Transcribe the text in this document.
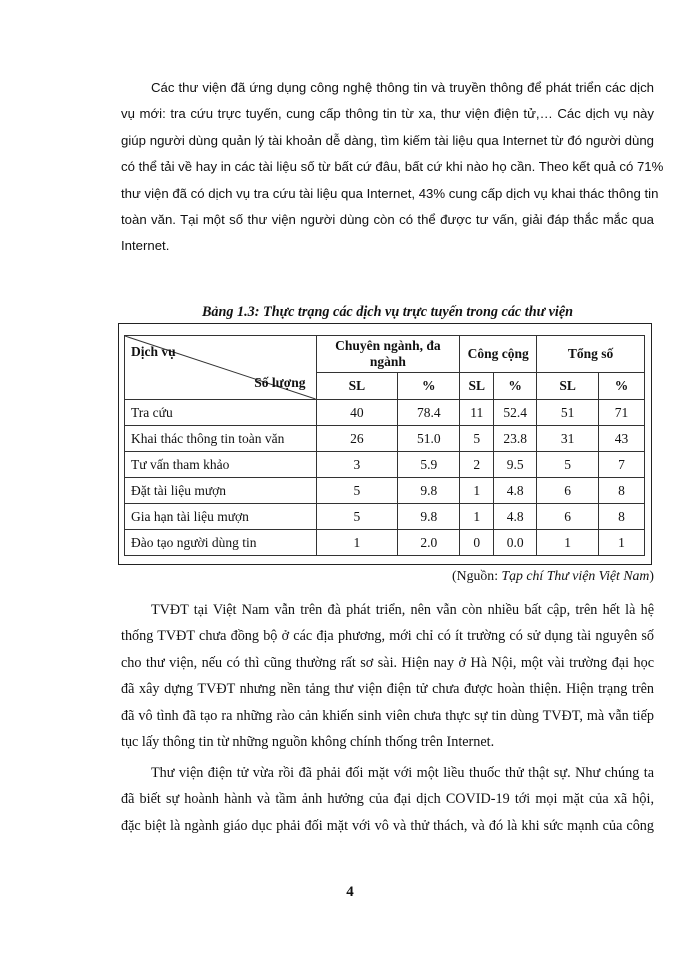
Các thư viện đã ứng dụng công nghệ thông tin và truyền thông để phát triển các dịch
vụ mới: tra cứu trực tuyến, cung cấp thông tin từ xa, thư viện điện tử,… Các dịch vụ này
giúp người dùng quản lý tài khoản dễ dàng, tìm kiếm tài liệu qua Internet từ đó người dùng
có thể tải về hay in các tài liệu số từ bất cứ đâu, bất cứ khi nào họ cần. Theo kết quả có 71%
thư viện đã có dịch vụ tra cứu tài liệu qua Internet, 43% cung cấp dịch vụ khai thác thông tin
toàn văn. Tại một số thư viện người dùng còn có thể được tư vấn, giải đáp thắc mắc qua
Internet.

Bảng 1.3: Thực trạng các dịch vụ trực tuyến trong các thư viện

Dịch vụ
Số lượng	Chuyên ngành, đa ngành		Công cộng		Tổng số	
	SL	%	SL	%	SL	%
Tra cứu	40	78.4	11	52.4	51	71
Khai thác thông tin toàn văn	26	51.0	5	23.8	31	43
Tư vấn tham khảo	3	5.9	2	9.5	5	7
Đặt tài liệu mượn	5	9.8	1	4.8	6	8
Gia hạn tài liệu mượn	5	9.8	1	4.8	6	8
Đào tạo người dùng tin	1	2.0	0	0.0	1	1

(Nguồn: Tạp chí Thư viện Việt Nam)

TVĐT tại Việt Nam vẫn trên đà phát triển, nên vẫn còn nhiều bất cập, trên hết là hệ
thống TVĐT chưa đồng bộ ở các địa phương, mới chỉ có ít trường có sử dụng tài nguyên số
cho thư viện, nếu có thì cũng thường rất sơ sài. Hiện nay ở Hà Nội, một vài trường đại học
đã xây dựng TVĐT nhưng nền tảng thư viện điện tử chưa được hoàn thiện. Hiện trạng trên
đã vô tình đã tạo ra những rào cản khiến sinh viên chưa thực sự tin dùng TVĐT, mà vẫn tiếp
tục lấy thông tin từ những nguồn không chính thống trên Internet.

Thư viện điện tử vừa rồi đã phải đối mặt với một liều thuốc thử thật sự. Như chúng ta
đã biết sự hoành hành và tầm ảnh hưởng của đại dịch COVID-19 tới mọi mặt của xã hội,
đặc biệt là ngành giáo dục phải đối mặt với vô và thử thách, và đó là khi sức mạnh của công

4
